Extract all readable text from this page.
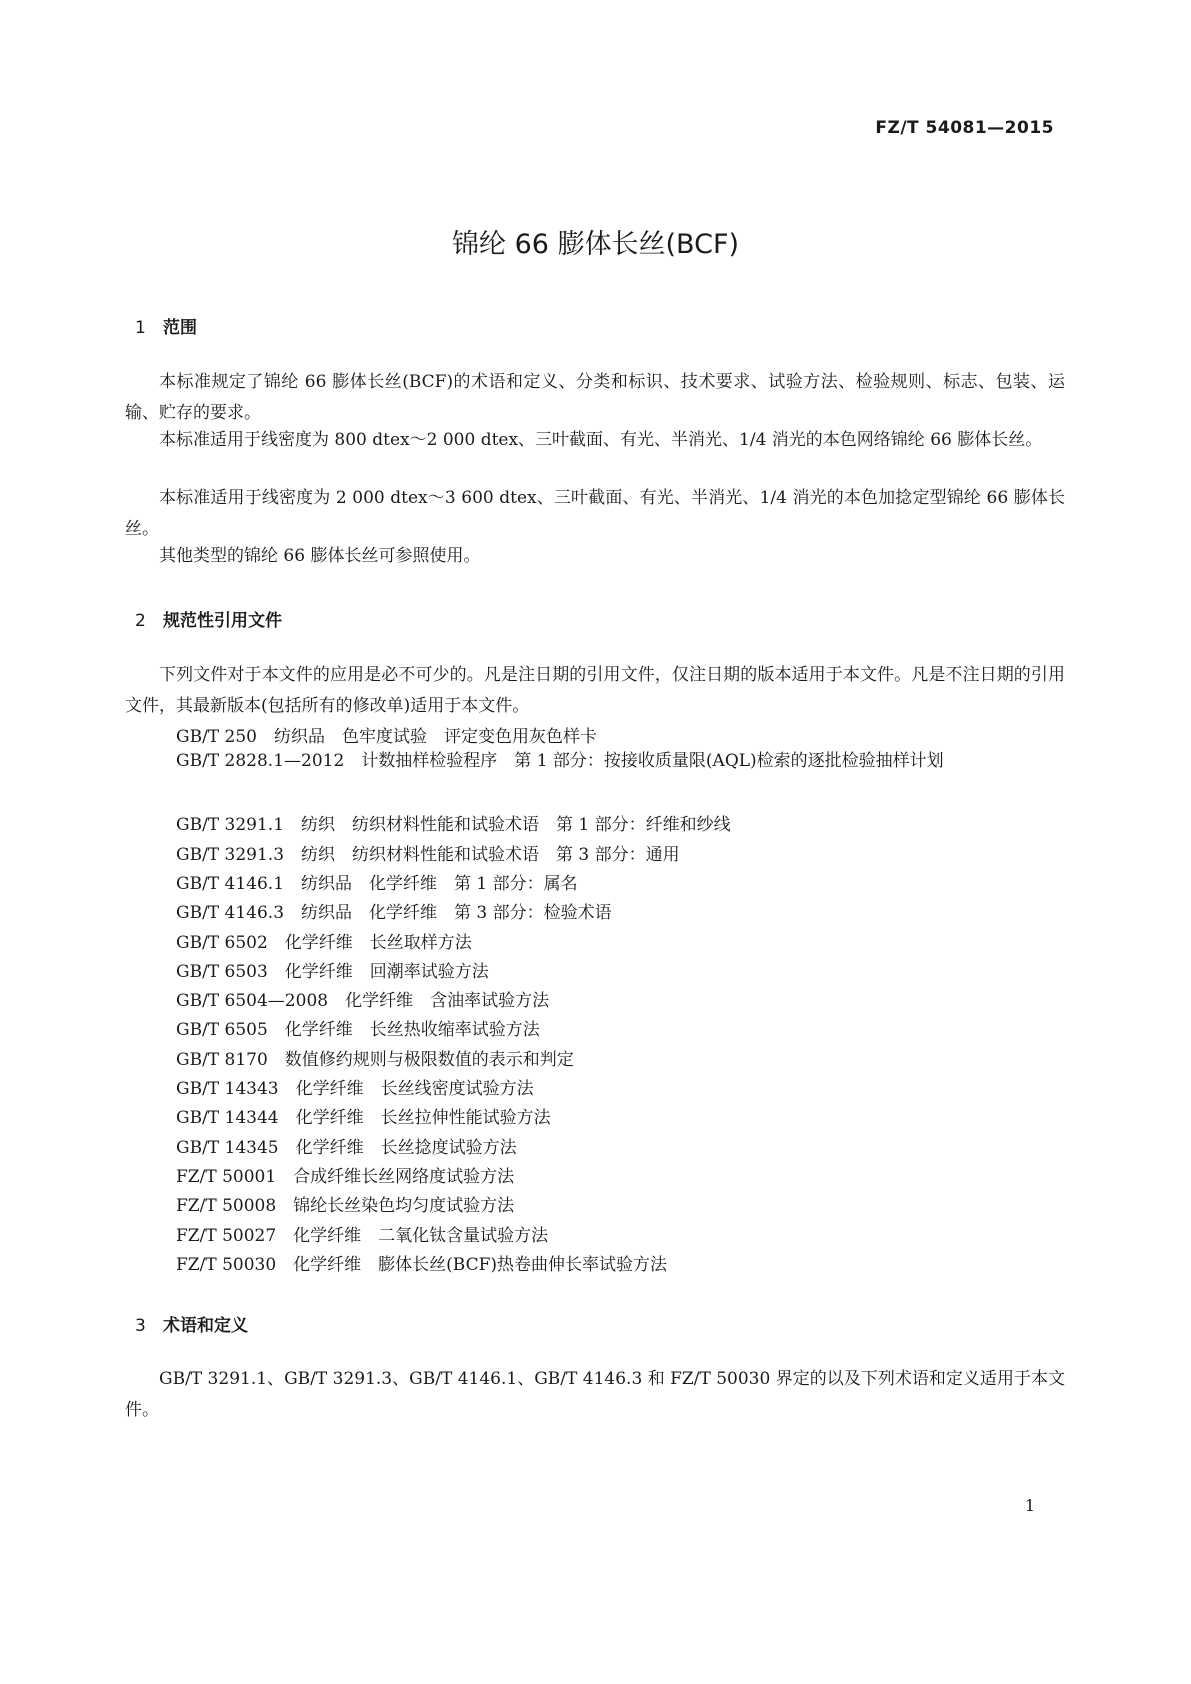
FZ/T 54081—2015
锦纶 66 膨体长丝(BCF)
1 范围
本标准规定了锦纶 66 膨体长丝(BCF)的术语和定义、分类和标识、技术要求、试验方法、检验规则、标志、包装、运输、贮存的要求。
本标准适用于线密度为 800 dtex～2 000 dtex、三叶截面、有光、半消光、1/4 消光的本色网络锦纶 66 膨体长丝。
本标准适用于线密度为 2 000 dtex～3 600 dtex、三叶截面、有光、半消光、1/4 消光的本色加捻定型锦纶 66 膨体长丝。
其他类型的锦纶 66 膨体长丝可参照使用。
2 规范性引用文件
下列文件对于本文件的应用是必不可少的。凡是注日期的引用文件，仅注日期的版本适用于本文件。凡是不注日期的引用文件，其最新版本(包括所有的修改单)适用于本文件。
GB/T 250　纺织品　色牢度试验　评定变色用灰色样卡
GB/T 2828.1—2012　计数抽样检验程序　第 1 部分：按接收质量限(AQL)检索的逐批检验抽样计划
GB/T 3291.1　纺织　纺织材料性能和试验术语　第 1 部分：纤维和纱线
GB/T 3291.3　纺织　纺织材料性能和试验术语　第 3 部分：通用
GB/T 4146.1　纺织品　化学纤维　第 1 部分：属名
GB/T 4146.3　纺织品　化学纤维　第 3 部分：检验术语
GB/T 6502　化学纤维　长丝取样方法
GB/T 6503　化学纤维　回潮率试验方法
GB/T 6504—2008　化学纤维　含油率试验方法
GB/T 6505　化学纤维　长丝热收缩率试验方法
GB/T 8170　数值修约规则与极限数值的表示和判定
GB/T 14343　化学纤维　长丝线密度试验方法
GB/T 14344　化学纤维　长丝拉伸性能试验方法
GB/T 14345　化学纤维　长丝捻度试验方法
FZ/T 50001　合成纤维长丝网络度试验方法
FZ/T 50008　锦纶长丝染色均匀度试验方法
FZ/T 50027　化学纤维　二氧化钛含量试验方法
FZ/T 50030　化学纤维　膨体长丝(BCF)热卷曲伸长率试验方法
3 术语和定义
GB/T 3291.1、GB/T 3291.3、GB/T 4146.1、GB/T 4146.3 和 FZ/T 50030 界定的以及下列术语和定义适用于本文件。
1
